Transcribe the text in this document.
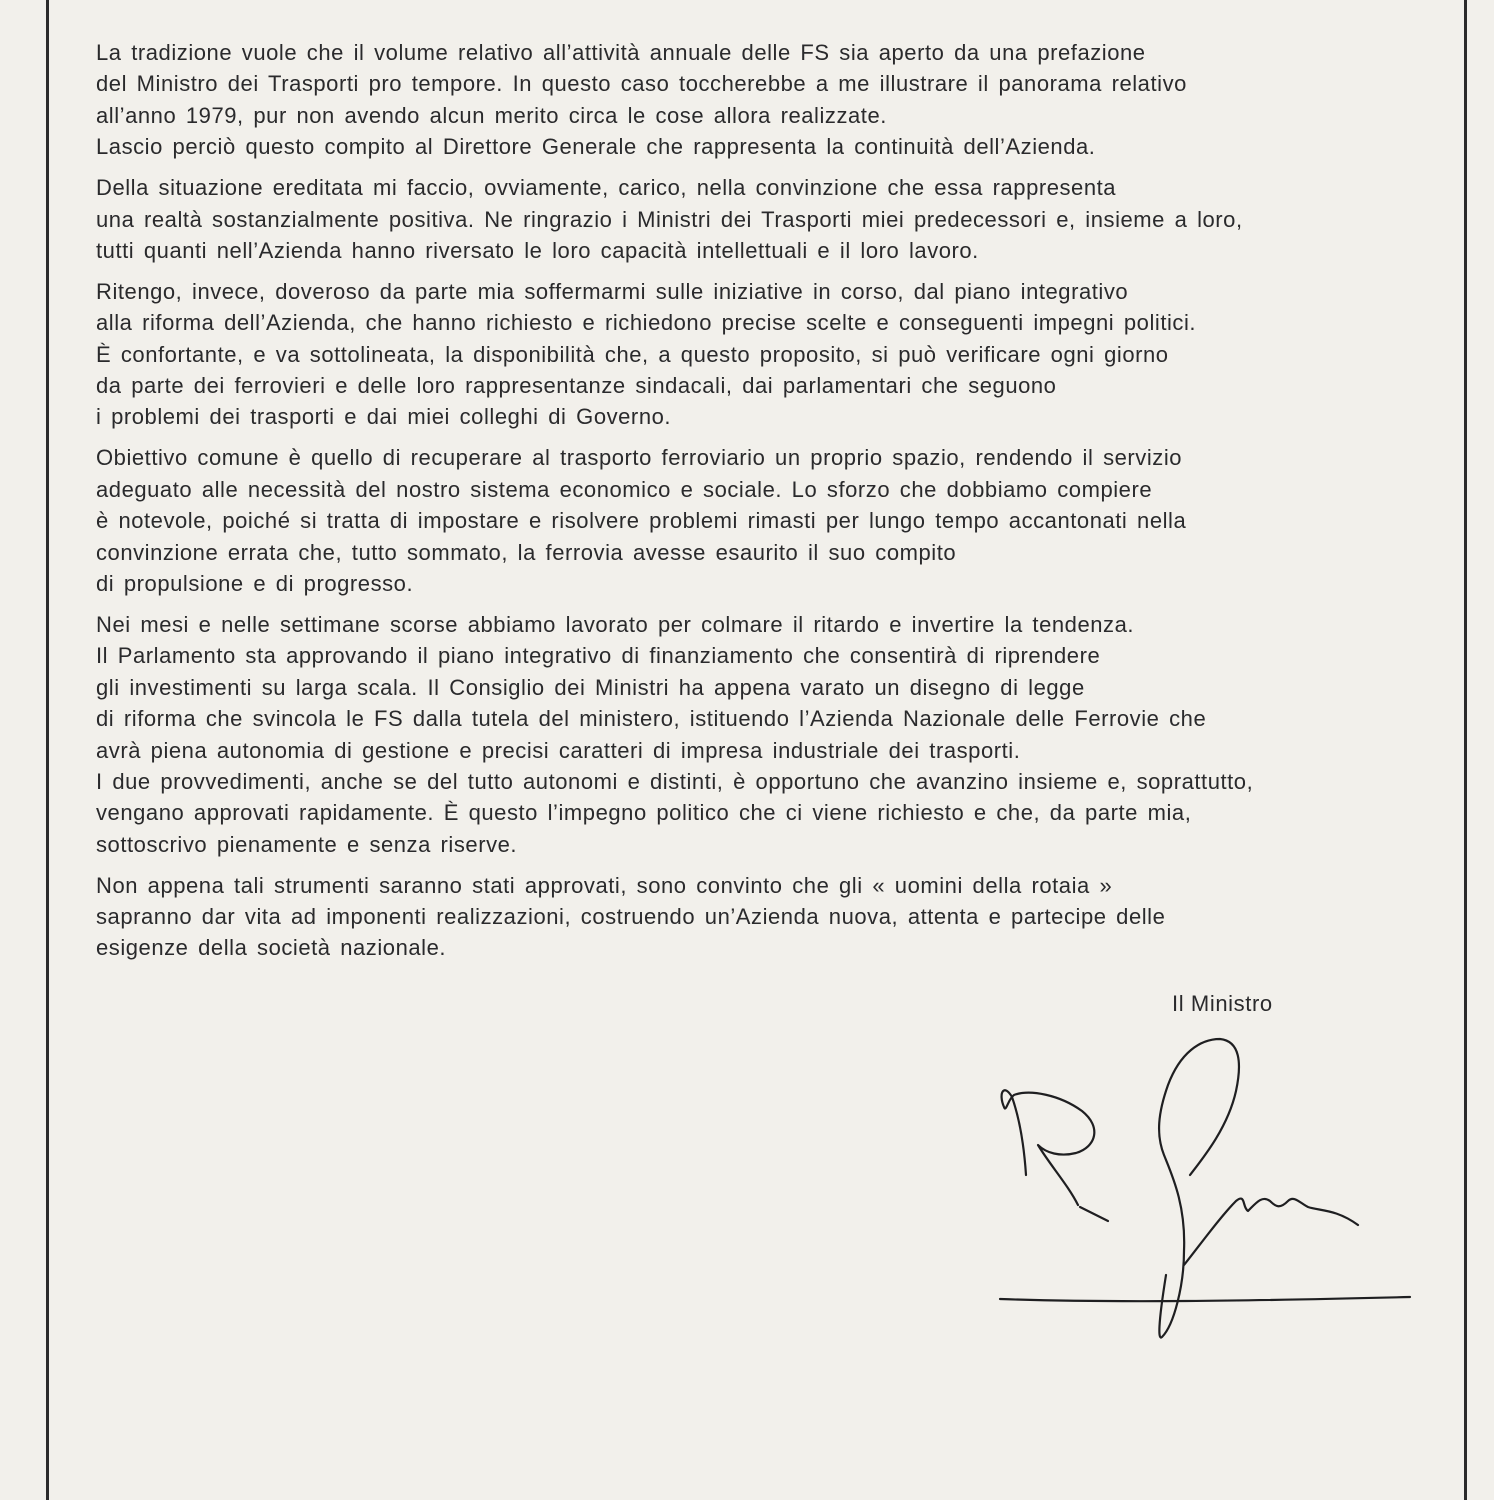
La tradizione vuole che il volume relativo all’attività annuale delle FS sia aperto da una prefazione
del Ministro dei Trasporti pro tempore. In questo caso toccherebbe a me illustrare il panorama relativo
all’anno 1979, pur non avendo alcun merito circa le cose allora realizzate.
Lascio perciò questo compito al Direttore Generale che rappresenta la continuità dell’Azienda.

Della situazione ereditata mi faccio, ovviamente, carico, nella convinzione che essa rappresenta
una realtà sostanzialmente positiva. Ne ringrazio i Ministri dei Trasporti miei predecessori e, insieme a loro,
tutti quanti nell’Azienda hanno riversato le loro capacità intellettuali e il loro lavoro.

Ritengo, invece, doveroso da parte mia soffermarmi sulle iniziative in corso, dal piano integrativo
alla riforma dell’Azienda, che hanno richiesto e richiedono precise scelte e conseguenti impegni politici.
È confortante, e va sottolineata, la disponibilità che, a questo proposito, si può verificare ogni giorno
da parte dei ferrovieri e delle loro rappresentanze sindacali, dai parlamentari che seguono
i problemi dei trasporti e dai miei colleghi di Governo.

Obiettivo comune è quello di recuperare al trasporto ferroviario un proprio spazio, rendendo il servizio
adeguato alle necessità del nostro sistema economico e sociale. Lo sforzo che dobbiamo compiere
è notevole, poiché si tratta di impostare e risolvere problemi rimasti per lungo tempo accantonati nella
convinzione errata che, tutto sommato, la ferrovia avesse esaurito il suo compito
di propulsione e di progresso.

Nei mesi e nelle settimane scorse abbiamo lavorato per colmare il ritardo e invertire la tendenza.
Il Parlamento sta approvando il piano integrativo di finanziamento che consentirà di riprendere
gli investimenti su larga scala. Il Consiglio dei Ministri ha appena varato un disegno di legge
di riforma che svincola le FS dalla tutela del ministero, istituendo l’Azienda Nazionale delle Ferrovie che
avrà piena autonomia di gestione e precisi caratteri di impresa industriale dei trasporti.
I due provvedimenti, anche se del tutto autonomi e distinti, è opportuno che avanzino insieme e, soprattutto,
vengano approvati rapidamente. È questo l’impegno politico che ci viene richiesto e che, da parte mia,
sottoscrivo pienamente e senza riserve.

Non appena tali strumenti saranno stati approvati, sono convinto che gli « uomini della rotaia »
sapranno dar vita ad imponenti realizzazioni, costruendo un’Azienda nuova, attenta e partecipe delle
esigenze della società nazionale.

Il Ministro
